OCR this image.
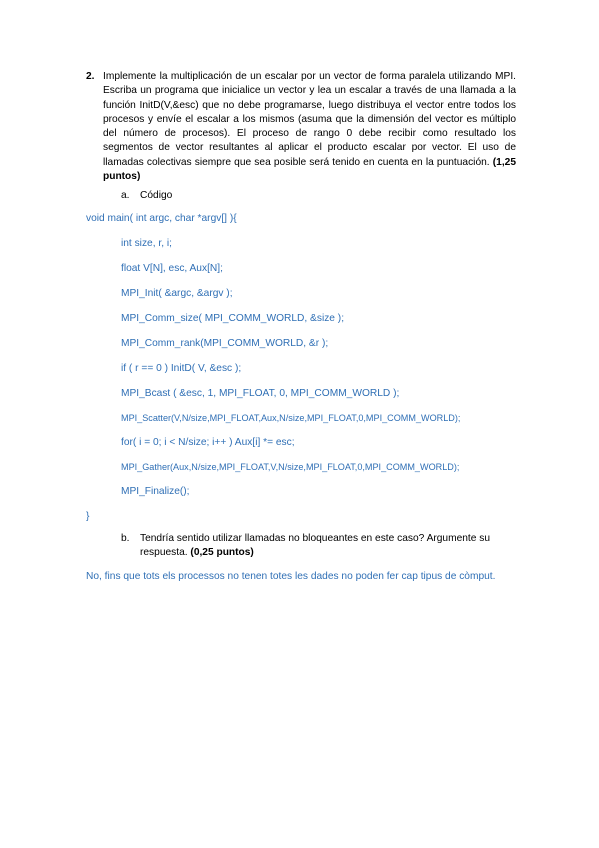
2. Implemente la multiplicación de un escalar por un vector de forma paralela utilizando MPI. Escriba un programa que inicialice un vector y lea un escalar a través de una llamada a la función InitD(V,&esc) que no debe programarse, luego distribuya el vector entre todos los procesos y envíe el escalar a los mismos (asuma que la dimensión del vector es múltiplo del número de procesos). El proceso de rango 0 debe recibir como resultado los segmentos de vector resultantes al aplicar el producto escalar por vector. El uso de llamadas colectivas siempre que sea posible será tenido en cuenta en la puntuación. (1,25 puntos)
a. Código
void main( int argc, char *argv[] ){
int size, r, i;
float V[N], esc, Aux[N];
MPI_Init( &argc, &argv );
MPI_Comm_size( MPI_COMM_WORLD, &size );
MPI_Comm_rank(MPI_COMM_WORLD, &r );
if ( r == 0 ) InitD( V, &esc );
MPI_Bcast ( &esc, 1, MPI_FLOAT, 0, MPI_COMM_WORLD );
MPI_Scatter(V,N/size,MPI_FLOAT,Aux,N/size,MPI_FLOAT,0,MPI_COMM_WORLD);
for( i = 0; i < N/size; i++ ) Aux[i] *= esc;
MPI_Gather(Aux,N/size,MPI_FLOAT,V,N/size,MPI_FLOAT,0,MPI_COMM_WORLD);
MPI_Finalize();
}
b. Tendría sentido utilizar llamadas no bloqueantes en este caso? Argumente su respuesta. (0,25 puntos)
No, fins que tots els processos no tenen totes les dades no poden fer cap tipus de còmput.
